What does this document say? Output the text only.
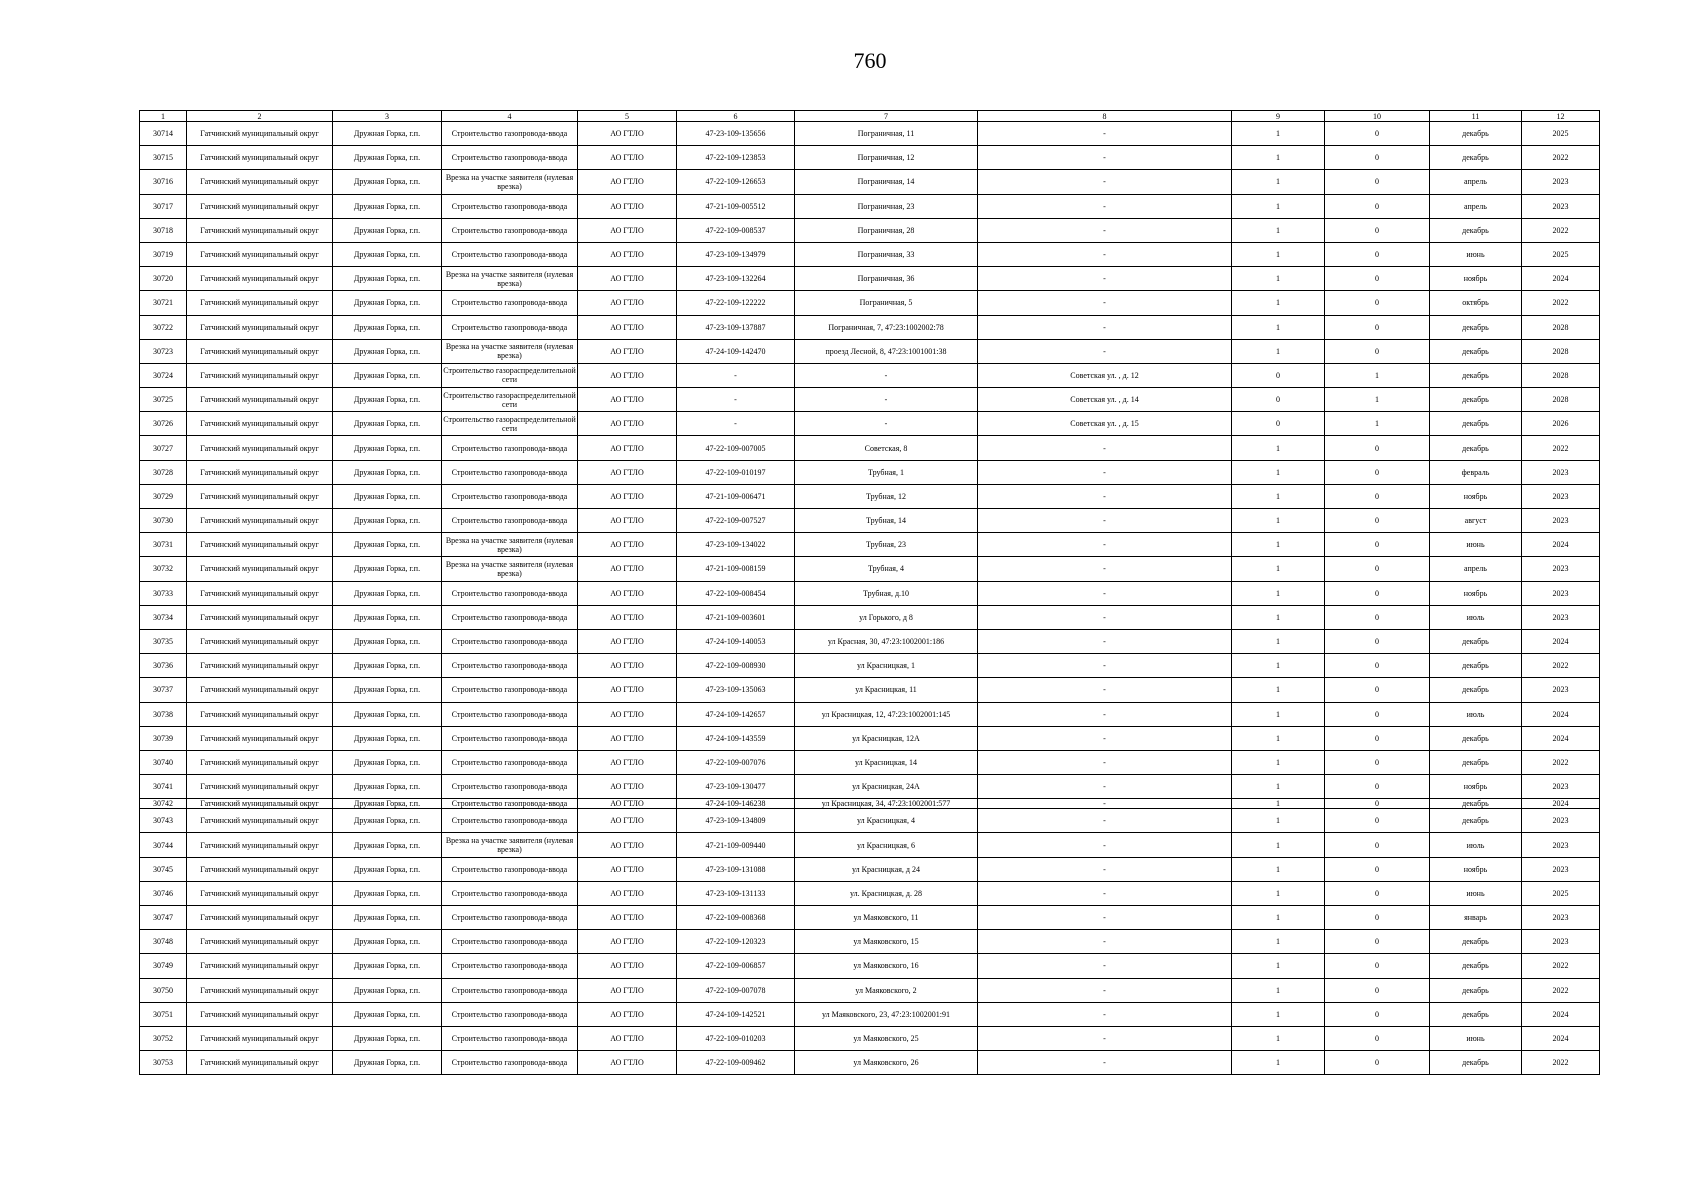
760
1	2	3	4	5	6	7	8	9	10	11	12
30714	Гатчинский муниципальный округ	Дружная Горка, г.п.	Строительство газопровода-ввода	АО ГТЛО	47-23-109-135656	Пограничная, 11	-	1	0	декабрь	2025
30715	Гатчинский муниципальный округ	Дружная Горка, г.п.	Строительство газопровода-ввода	АО ГТЛО	47-22-109-123853	Пограничная, 12	-	1	0	декабрь	2022
30716	Гатчинский муниципальный округ	Дружная Горка, г.п.	Врезка на участке заявителя (нулевая врезка)	АО ГТЛО	47-22-109-126653	Пограничная, 14	-	1	0	апрель	2023
30717	Гатчинский муниципальный округ	Дружная Горка, г.п.	Строительство газопровода-ввода	АО ГТЛО	47-21-109-005512	Пограничная, 23	-	1	0	апрель	2023
30718	Гатчинский муниципальный округ	Дружная Горка, г.п.	Строительство газопровода-ввода	АО ГТЛО	47-22-109-008537	Пограничная, 28	-	1	0	декабрь	2022
30719	Гатчинский муниципальный округ	Дружная Горка, г.п.	Строительство газопровода-ввода	АО ГТЛО	47-23-109-134979	Пограничная, 33	-	1	0	июнь	2025
30720	Гатчинский муниципальный округ	Дружная Горка, г.п.	Врезка на участке заявителя (нулевая врезка)	АО ГТЛО	47-23-109-132264	Пограничная, 36	-	1	0	ноябрь	2024
30721	Гатчинский муниципальный округ	Дружная Горка, г.п.	Строительство газопровода-ввода	АО ГТЛО	47-22-109-122222	Пограничная, 5	-	1	0	октябрь	2022
30722	Гатчинский муниципальный округ	Дружная Горка, г.п.	Строительство газопровода-ввода	АО ГТЛО	47-23-109-137887	Пограничная, 7, 47:23:1002002:78	-	1	0	декабрь	2028
30723	Гатчинский муниципальный округ	Дружная Горка, г.п.	Врезка на участке заявителя (нулевая врезка)	АО ГТЛО	47-24-109-142470	проезд Лесной, 8, 47:23:1001001:38	-	1	0	декабрь	2028
30724	Гатчинский муниципальный округ	Дружная Горка, г.п.	Строительство газораспределительной сети	АО ГТЛО	-	-	Советская ул. , д. 12	0	1	декабрь	2028
30725	Гатчинский муниципальный округ	Дружная Горка, г.п.	Строительство газораспределительной сети	АО ГТЛО	-	-	Советская ул. , д. 14	0	1	декабрь	2028
30726	Гатчинский муниципальный округ	Дружная Горка, г.п.	Строительство газораспределительной сети	АО ГТЛО	-	-	Советская ул. , д. 15	0	1	декабрь	2026
30727	Гатчинский муниципальный округ	Дружная Горка, г.п.	Строительство газопровода-ввода	АО ГТЛО	47-22-109-007005	Советская, 8	-	1	0	декабрь	2022
30728	Гатчинский муниципальный округ	Дружная Горка, г.п.	Строительство газопровода-ввода	АО ГТЛО	47-22-109-010197	Трубная, 1	-	1	0	февраль	2023
30729	Гатчинский муниципальный округ	Дружная Горка, г.п.	Строительство газопровода-ввода	АО ГТЛО	47-21-109-006471	Трубная, 12	-	1	0	ноябрь	2023
30730	Гатчинский муниципальный округ	Дружная Горка, г.п.	Строительство газопровода-ввода	АО ГТЛО	47-22-109-007527	Трубная, 14	-	1	0	август	2023
30731	Гатчинский муниципальный округ	Дружная Горка, г.п.	Врезка на участке заявителя (нулевая врезка)	АО ГТЛО	47-23-109-134022	Трубная, 23	-	1	0	июнь	2024
30732	Гатчинский муниципальный округ	Дружная Горка, г.п.	Врезка на участке заявителя (нулевая врезка)	АО ГТЛО	47-21-109-008159	Трубная, 4	-	1	0	апрель	2023
30733	Гатчинский муниципальный округ	Дружная Горка, г.п.	Строительство газопровода-ввода	АО ГТЛО	47-22-109-008454	Трубная, д.10	-	1	0	ноябрь	2023
30734	Гатчинский муниципальный округ	Дружная Горка, г.п.	Строительство газопровода-ввода	АО ГТЛО	47-21-109-003601	ул Горького, д 8	-	1	0	июль	2023
30735	Гатчинский муниципальный округ	Дружная Горка, г.п.	Строительство газопровода-ввода	АО ГТЛО	47-24-109-140053	ул Красная, 30, 47:23:1002001:186	-	1	0	декабрь	2024
30736	Гатчинский муниципальный округ	Дружная Горка, г.п.	Строительство газопровода-ввода	АО ГТЛО	47-22-109-008930	ул Красницкая, 1	-	1	0	декабрь	2022
30737	Гатчинский муниципальный округ	Дружная Горка, г.п.	Строительство газопровода-ввода	АО ГТЛО	47-23-109-135063	ул Красницкая, 11	-	1	0	декабрь	2023
30738	Гатчинский муниципальный округ	Дружная Горка, г.п.	Строительство газопровода-ввода	АО ГТЛО	47-24-109-142657	ул Красницкая, 12, 47:23:1002001:145	-	1	0	июль	2024
30739	Гатчинский муниципальный округ	Дружная Горка, г.п.	Строительство газопровода-ввода	АО ГТЛО	47-24-109-143559	ул Красницкая, 12А	-	1	0	декабрь	2024
30740	Гатчинский муниципальный округ	Дружная Горка, г.п.	Строительство газопровода-ввода	АО ГТЛО	47-22-109-007076	ул Красницкая, 14	-	1	0	декабрь	2022
30741	Гатчинский муниципальный округ	Дружная Горка, г.п.	Строительство газопровода-ввода	АО ГТЛО	47-23-109-130477	ул Красницкая, 24А	-	1	0	ноябрь	2023
30742	Гатчинский муниципальный округ	Дружная Горка, г.п.	Строительство газопровода-ввода	АО ГТЛО	47-24-109-146238	ул Красницкая, 34, 47:23:1002001:577	-	1	0	декабрь	2024
30743	Гатчинский муниципальный округ	Дружная Горка, г.п.	Строительство газопровода-ввода	АО ГТЛО	47-23-109-134809	ул Красницкая, 4	-	1	0	декабрь	2023
30744	Гатчинский муниципальный округ	Дружная Горка, г.п.	Врезка на участке заявителя (нулевая врезка)	АО ГТЛО	47-21-109-009440	ул Красницкая, 6	-	1	0	июль	2023
30745	Гатчинский муниципальный округ	Дружная Горка, г.п.	Строительство газопровода-ввода	АО ГТЛО	47-23-109-131088	ул Красницкая, д 24	-	1	0	ноябрь	2023
30746	Гатчинский муниципальный округ	Дружная Горка, г.п.	Строительство газопровода-ввода	АО ГТЛО	47-23-109-131133	ул. Красницкая, д. 28	-	1	0	июнь	2025
30747	Гатчинский муниципальный округ	Дружная Горка, г.п.	Строительство газопровода-ввода	АО ГТЛО	47-22-109-008368	ул Маяковского, 11	-	1	0	январь	2023
30748	Гатчинский муниципальный округ	Дружная Горка, г.п.	Строительство газопровода-ввода	АО ГТЛО	47-22-109-120323	ул Маяковского, 15	-	1	0	декабрь	2023
30749	Гатчинский муниципальный округ	Дружная Горка, г.п.	Строительство газопровода-ввода	АО ГТЛО	47-22-109-006857	ул Маяковского, 16	-	1	0	декабрь	2022
30750	Гатчинский муниципальный округ	Дружная Горка, г.п.	Строительство газопровода-ввода	АО ГТЛО	47-22-109-007078	ул Маяковского, 2	-	1	0	декабрь	2022
30751	Гатчинский муниципальный округ	Дружная Горка, г.п.	Строительство газопровода-ввода	АО ГТЛО	47-24-109-142521	ул Маяковского, 23, 47:23:1002001:91	-	1	0	декабрь	2024
30752	Гатчинский муниципальный округ	Дружная Горка, г.п.	Строительство газопровода-ввода	АО ГТЛО	47-22-109-010203	ул Маяковского, 25	-	1	0	июнь	2024
30753	Гатчинский муниципальный округ	Дружная Горка, г.п.	Строительство газопровода-ввода	АО ГТЛО	47-22-109-009462	ул Маяковского, 26	-	1	0	декабрь	2022
